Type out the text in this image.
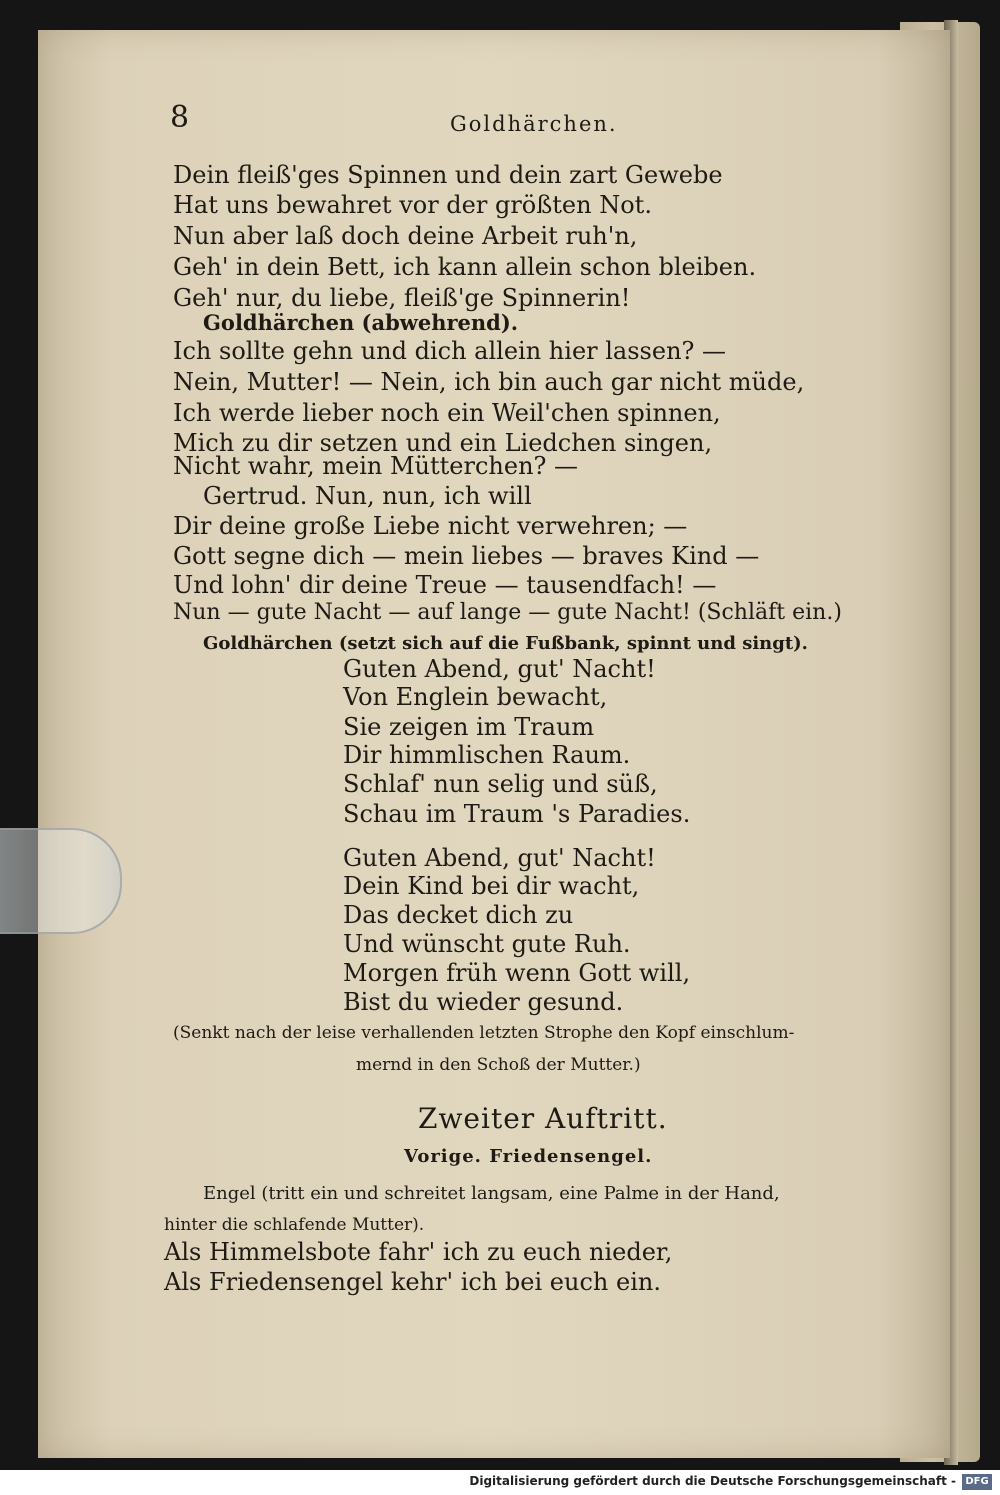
8	Goldhärchen.
Dein fleiß'ges Spinnen und dein zart Gewebe
Hat uns bewahret vor der größten Not.
Nun aber laß doch deine Arbeit ruh'n,
Geh' in dein Bett, ich kann allein schon bleiben.
Geh' nur, du liebe, fleiß'ge Spinnerin!
Goldhärchen (abwehrend).
Ich sollte gehn und dich allein hier lassen? —
Nein, Mutter! — Nein, ich bin auch gar nicht müde,
Ich werde lieber noch ein Weil'chen spinnen,
Mich zu dir setzen und ein Liedchen singen,
Nicht wahr, mein Mütterchen? —
Gertrud. Nun, nun, ich will
Dir deine große Liebe nicht verwehren; —
Gott segne dich — mein liebes — braves Kind —
Und lohn' dir deine Treue — tausendfach! —
Nun — gute Nacht — auf lange — gute Nacht! (Schläft ein.)
Goldhärchen (setzt sich auf die Fußbank, spinnt und singt).
Guten Abend, gut' Nacht!
Von Englein bewacht,
Sie zeigen im Traum
Dir himmlischen Raum.
Schlaf' nun selig und süß,
Schau im Traum 's Paradies.
Guten Abend, gut' Nacht!
Dein Kind bei dir wacht,
Das decket dich zu
Und wünscht gute Ruh.
Morgen früh wenn Gott will,
Bist du wieder gesund.
(Senkt nach der leise verhallenden letzten Strophe den Kopf einschlum-
mernd in den Schoß der Mutter.)
Zweiter Auftritt.
Vorige. Friedensengel.
Engel (tritt ein und schreitet langsam, eine Palme in der Hand,
hinter die schlafende Mutter).
Als Himmelsbote fahr' ich zu euch nieder,
Als Friedensengel kehr' ich bei euch ein.
Digitalisierung gefördert durch die Deutsche Forschungsgemeinschaft - DFG
